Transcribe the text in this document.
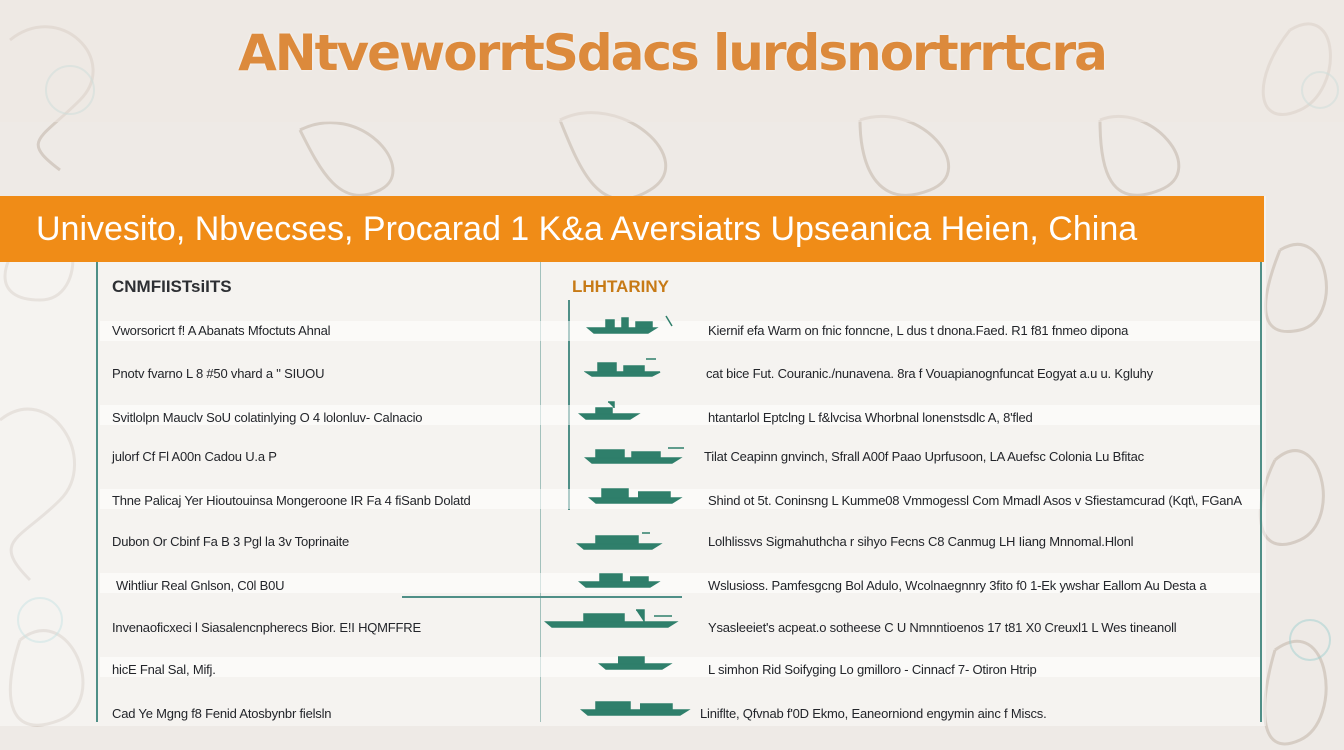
ANtveworrtSdacs lurdsnortrrtcra
Univesito, Nbvecses, Procarad 1 K&a Aversiatrs Upseanica Heien, China
CNMFIISTsiITS	LHHTARINY
Vworsoricrt f! A Abanats Mfoctuts Ahnal
Pnotv fvarno L 8 #50 vhard a " SIUOU
Svitlolpn Mauclv SoU colatinlying O 4 lolonluv- Calnacio
julorf Cf Fl A00n Cadou U.a P
Thne Palicaj Yer Hioutouinsa Mongeroone IR Fa 4 fiSanb Dolatd
Dubon Or Cbinf Fa B 3 Pgl la 3v Toprinaite
Wihtliur Real Gnlson, C0l B0U
Invenaoficxeci l Siasalencnpherecs Bior. E!I HQMFFRE
hicE Fnal Sal, Mifj.
Cad Ye Mgng f8 Fenid Atosbynbr fielsln
Kiernif efa Warm on fnic fonncne, L dus t dnona.Faed. R1 f81 fnmeo dipona
cat bice Fut. Couranic./nunavena. 8ra f Vouapianognfuncat Eogyat a.u u. Kgluhy
htantarlol Eptclng L f&lvcisa Whorbnal lonenstsdlc A, 8'fled
Tilat Ceapinn gnvinch, Sfrall A00f Paao Uprfusoon, LA Auefsc Colonia Lu Bfitac
Shind ot 5t. Coninsng L Kumme08 Vmmogessl Com Mmadl Asos v Sfiestamcurad (Kqt\, FGanA
Lolhlissvs Sigmahuthcha r sihyo Fecns C8 Canmug LH Iiang Mnnomal.Hlonl
Wslusioss. Pamfesgcng Bol Adulo, Wcolnaegnnry 3fito f0 1-Ek ywshar Eallom Au Desta a
Ysasleeiet's acpeat.o sotheese C U Nmnntioenos 17 t81 X0 Creuxl1 L Wes tineanoll
L simhon Rid Soifyging Lo gmilloro - Cinnacf 7- Otiron Htrip
Liniflte, Qfvnab f'0D Ekmo, Eaneorniond engymin ainc f Miscs.
